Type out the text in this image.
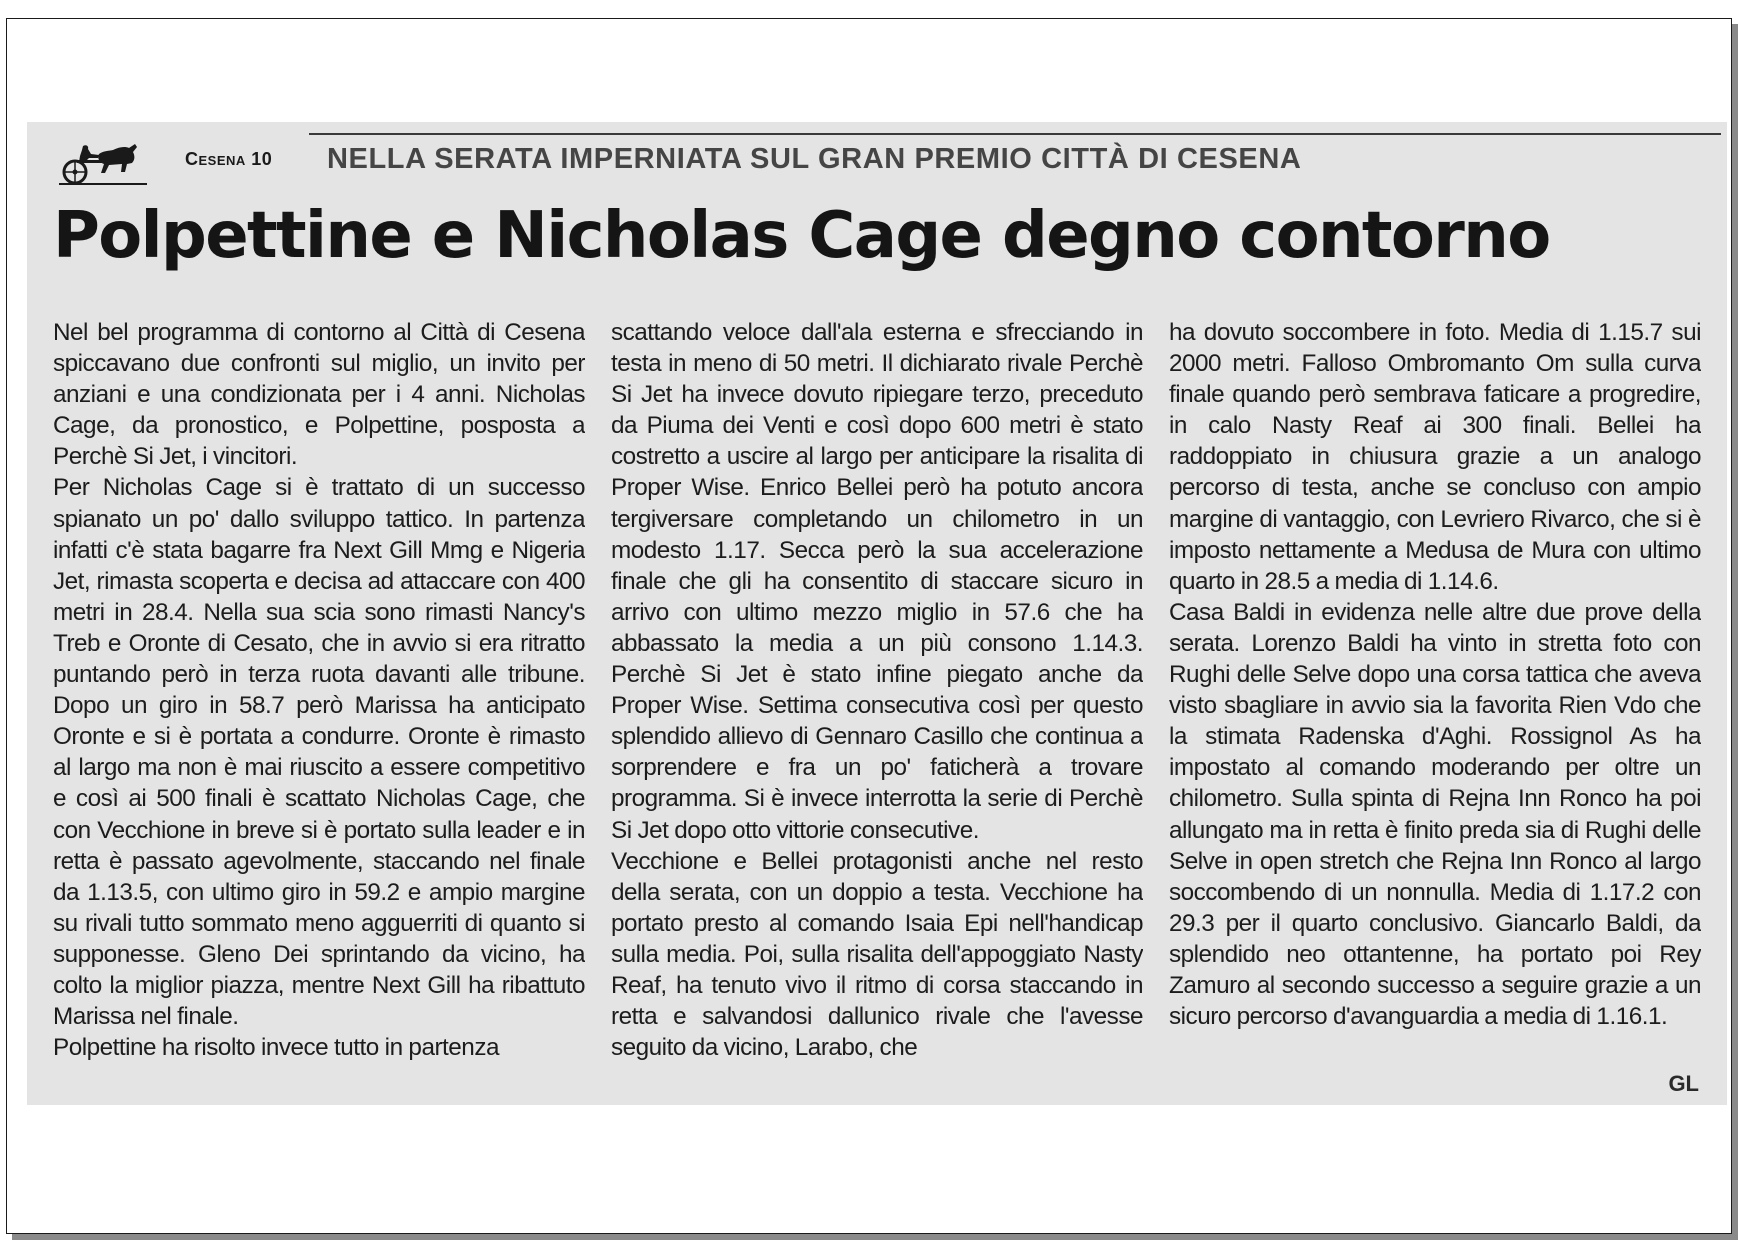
Cesena 10 NELLA SERATA IMPERNIATA SUL GRAN PREMIO CITTÀ DI CESENA
Polpettine e Nicholas Cage degno contorno

Nel bel programma di contorno al Città di Cesena spiccavano due confronti sul miglio, un invito per anziani e una condizionata per i 4 anni. Nicholas Cage, da pronostico, e Polpettine, posposta a Perchè Si Jet, i vincitori.

Per Nicholas Cage si è trattato di un successo spianato un po' dallo sviluppo tattico. In partenza infatti c'è stata bagarre fra Next Gill Mmg e Nigeria Jet, rimasta scoperta e decisa ad attaccare con 400 metri in 28.4. Nella sua scia sono rimasti Nancy's Treb e Oronte di Cesato, che in avvio si era ritratto puntando però in terza ruota davanti alle tribune. Dopo un giro in 58.7 però Marissa ha anticipato Oronte e si è portata a condurre. Oronte è rimasto al largo ma non è mai riuscito a essere competitivo e così ai 500 finali è scattato Nicholas Cage, che con Vecchione in breve si è portato sulla leader e in retta è passato agevolmente, staccando nel finale da 1.13.5, con ultimo giro in 59.2 e ampio margine su rivali tutto sommato meno agguerriti di quanto si supponesse. Gleno Dei sprintando da vicino, ha colto la miglior piazza, mentre Next Gill ha ribattuto Marissa nel finale.

Polpettine ha risolto invece tutto in partenza

scattando veloce dall'ala esterna e sfrecciando in testa in meno di 50 metri. Il dichiarato rivale Perchè Si Jet ha invece dovuto ripiegare terzo, preceduto da Piuma dei Venti e così dopo 600 metri è stato costretto a uscire al largo per anticipare la risalita di Proper Wise. Enrico Bellei però ha potuto ancora tergiversare completando un chilometro in un modesto 1.17. Secca però la sua accelerazione finale che gli ha consentito di staccare sicuro in arrivo con ultimo mezzo miglio in 57.6 che ha abbassato la media a un più consono 1.14.3. Perchè Si Jet è stato infine piegato anche da Proper Wise. Settima consecutiva così per questo splendido allievo di Gennaro Casillo che continua a sorprendere e fra un po' faticherà a trovare programma. Si è invece interrotta la serie di Perchè Si Jet dopo otto vittorie consecutive.

Vecchione e Bellei protagonisti anche nel resto della serata, con un doppio a testa. Vecchione ha portato presto al comando Isaia Epi nell'handicap sulla media. Poi, sulla risalita dell'appoggiato Nasty Reaf, ha tenuto vivo il ritmo di corsa staccando in retta e salvandosi dallunico rivale che l'avesse seguito da vicino, Larabo, che

ha dovuto soccombere in foto. Media di 1.15.7 sui 2000 metri. Falloso Ombromanto Om sulla curva finale quando però sembrava faticare a progredire, in calo Nasty Reaf ai 300 finali. Bellei ha raddoppiato in chiusura grazie a un analogo percorso di testa, anche se concluso con ampio margine di vantaggio, con Levriero Rivarco, che si è imposto nettamente a Medusa de Mura con ultimo quarto in 28.5 a media di 1.14.6.

Casa Baldi in evidenza nelle altre due prove della serata. Lorenzo Baldi ha vinto in stretta foto con Rughi delle Selve dopo una corsa tattica che aveva visto sbagliare in avvio sia la favorita Rien Vdo che la stimata Radenska d'Aghi. Rossignol As ha impostato al comando moderando per oltre un chilometro. Sulla spinta di Rejna Inn Ronco ha poi allungato ma in retta è finito preda sia di Rughi delle Selve in open stretch che Rejna Inn Ronco al largo soccombendo di un nonnulla. Media di 1.17.2 con 29.3 per il quarto conclusivo. Giancarlo Baldi, da splendido neo ottantenne, ha portato poi Rey Zamuro al secondo successo a seguire grazie a un sicuro percorso d'avanguardia a media di 1.16.1.

GL
